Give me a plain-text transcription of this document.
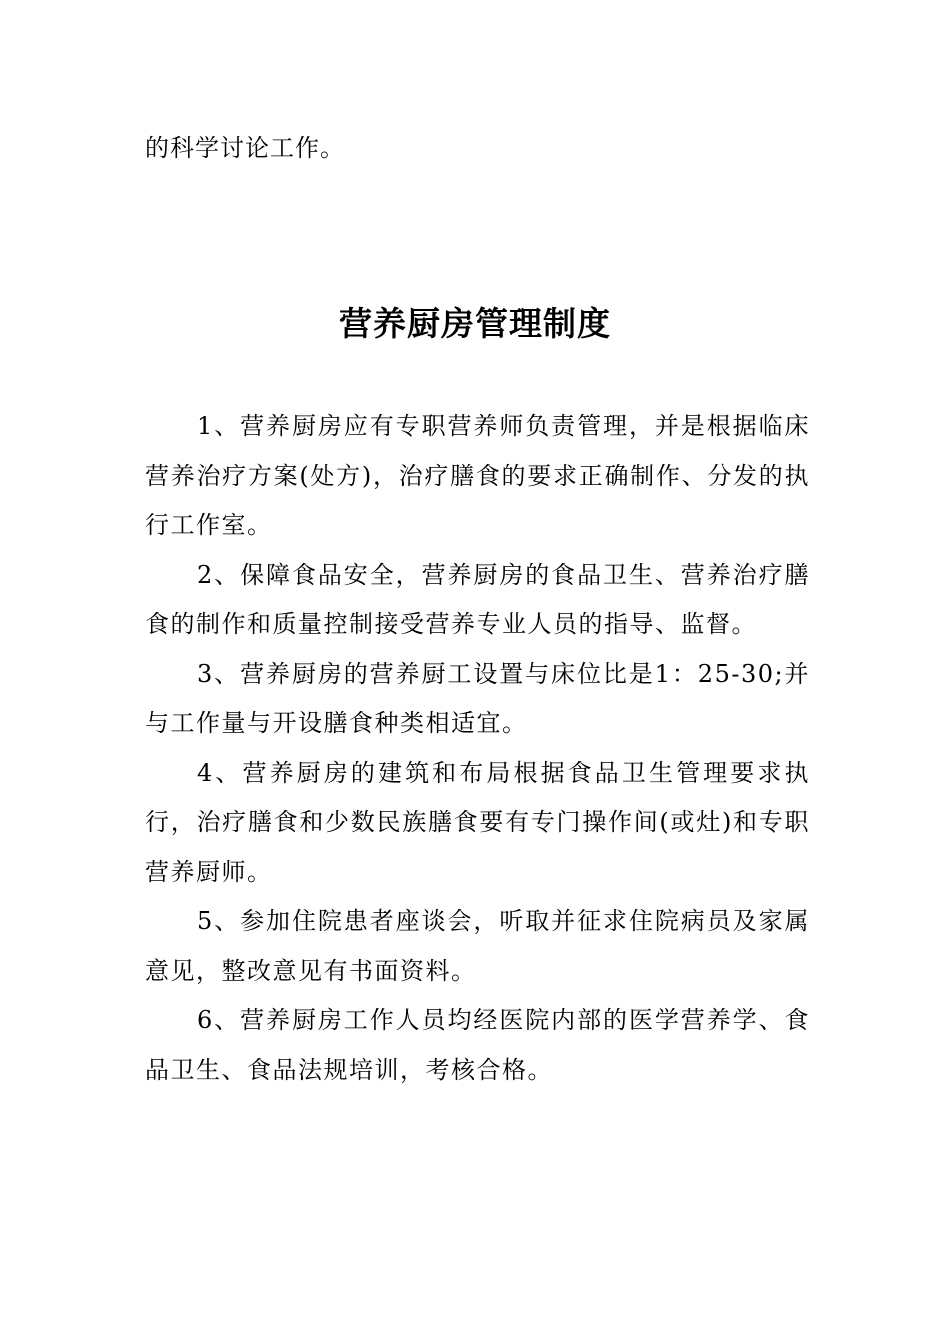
的科学讨论工作。

营养厨房管理制度

1、营养厨房应有专职营养师负责管理，并是根据临床营养治疗方案(处方)，治疗膳食的要求正确制作、分发的执行工作室。

2、保障食品安全，营养厨房的食品卫生、营养治疗膳食的制作和质量控制接受营养专业人员的指导、监督。

3、营养厨房的营养厨工设置与床位比是1：25-30;并与工作量与开设膳食种类相适宜。

4、营养厨房的建筑和布局根据食品卫生管理要求执行，治疗膳食和少数民族膳食要有专门操作间(或灶)和专职营养厨师。

5、参加住院患者座谈会，听取并征求住院病员及家属意见，整改意见有书面资料。

6、营养厨房工作人员均经医院内部的医学营养学、食品卫生、食品法规培训，考核合格。
